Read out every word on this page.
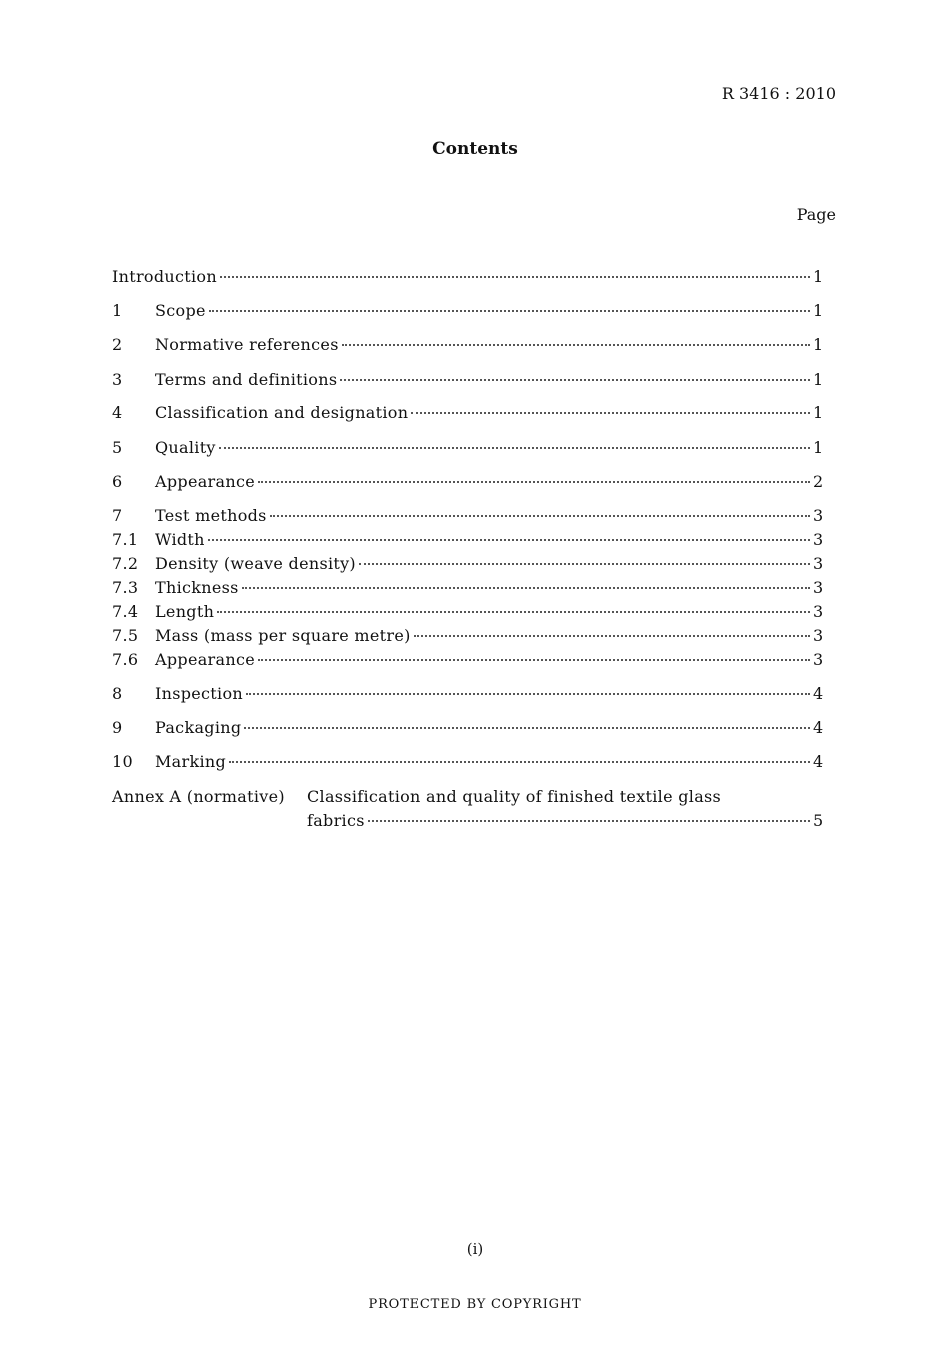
R 3416 : 2010
Contents
Page
Introduction	1
1	Scope	1
2	Normative references	1
3	Terms and definitions	1
4	Classification and designation	1
5	Quality	1
6	Appearance	2
7	Test methods	3
7.1	Width	3
7.2	Density (weave density)	3
7.3	Thickness	3
7.4	Length	3
7.5	Mass (mass per square metre)	3
7.6	Appearance	3
8	Inspection	4
9	Packaging	4
10	Marking	4
Annex A (normative) Classification and quality of finished textile glass
fabrics	5
(i)
PROTECTED BY COPYRIGHT
